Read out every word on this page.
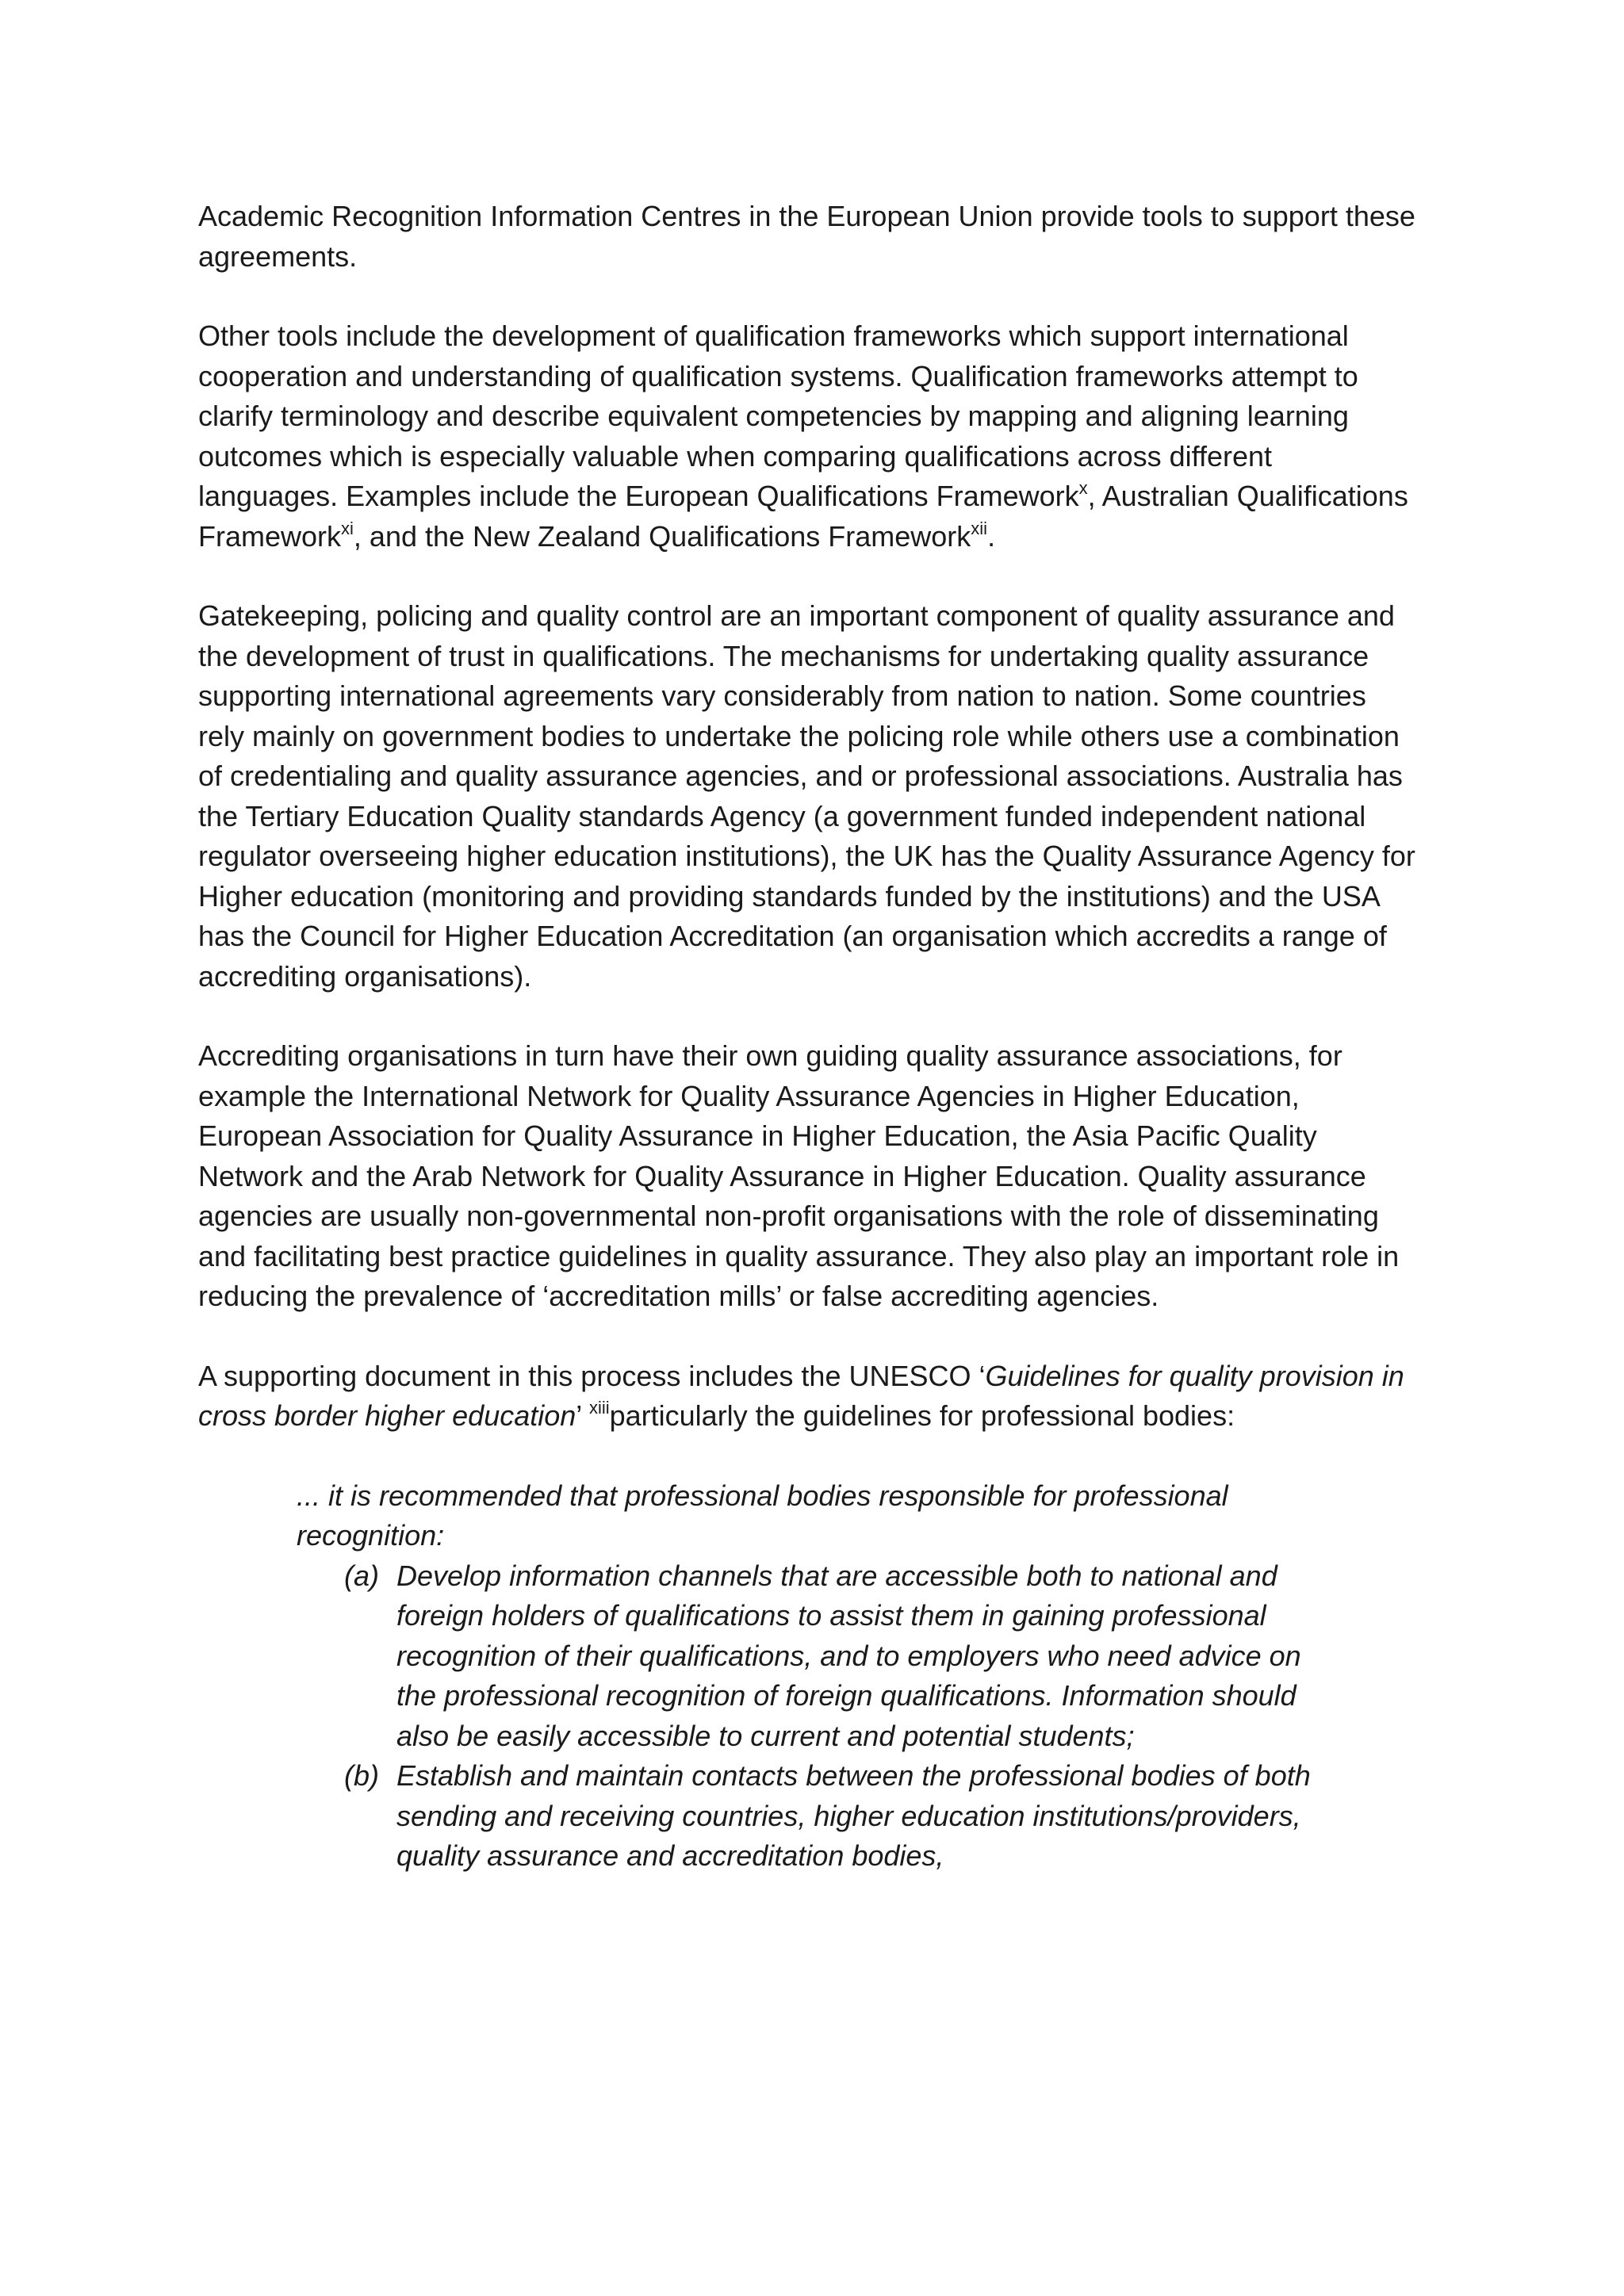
Academic Recognition Information Centres in the European Union provide tools to support these agreements.

Other tools include the development of qualification frameworks which support international cooperation and understanding of qualification systems. Qualification frameworks attempt to clarify terminology and describe equivalent competencies by mapping and aligning learning outcomes which is especially valuable when comparing qualifications across different languages. Examples include the European Qualifications Framework$^x$, Australian Qualifications Framework$^{xi}$, and the New Zealand Qualifications Framework$^{xii}$.

Gatekeeping, policing and quality control are an important component of quality assurance and the development of trust in qualifications. The mechanisms for undertaking quality assurance supporting international agreements vary considerably from nation to nation. Some countries rely mainly on government bodies to undertake the policing role while others use a combination of credentialing and quality assurance agencies, and or professional associations. Australia has the Tertiary Education Quality standards Agency (a government funded independent national regulator overseeing higher education institutions), the UK has the Quality Assurance Agency for Higher education (monitoring and providing standards funded by the institutions) and the USA has the Council for Higher Education Accreditation (an organisation which accredits a range of accrediting organisations).

Accrediting organisations in turn have their own guiding quality assurance associations, for example the International Network for Quality Assurance Agencies in Higher Education, European Association for Quality Assurance in Higher Education, the Asia Pacific Quality Network and the Arab Network for Quality Assurance in Higher Education. Quality assurance agencies are usually non-governmental non-profit organisations with the role of disseminating and facilitating best practice guidelines in quality assurance. They also play an important role in reducing the prevalence of ‘accreditation mills’ or false accrediting agencies.

A supporting document in this process includes the UNESCO ‘Guidelines for quality provision in cross border higher education’ $^{xiii}$particularly the guidelines for professional bodies:

... it is recommended that professional bodies responsible for professional recognition:

(a) Develop information channels that are accessible both to national and foreign holders of qualifications to assist them in gaining professional recognition of their qualifications, and to employers who need advice on the professional recognition of foreign qualifications. Information should also be easily accessible to current and potential students;
(b) Establish and maintain contacts between the professional bodies of both sending and receiving countries, higher education institutions/providers, quality assurance and accreditation bodies,
